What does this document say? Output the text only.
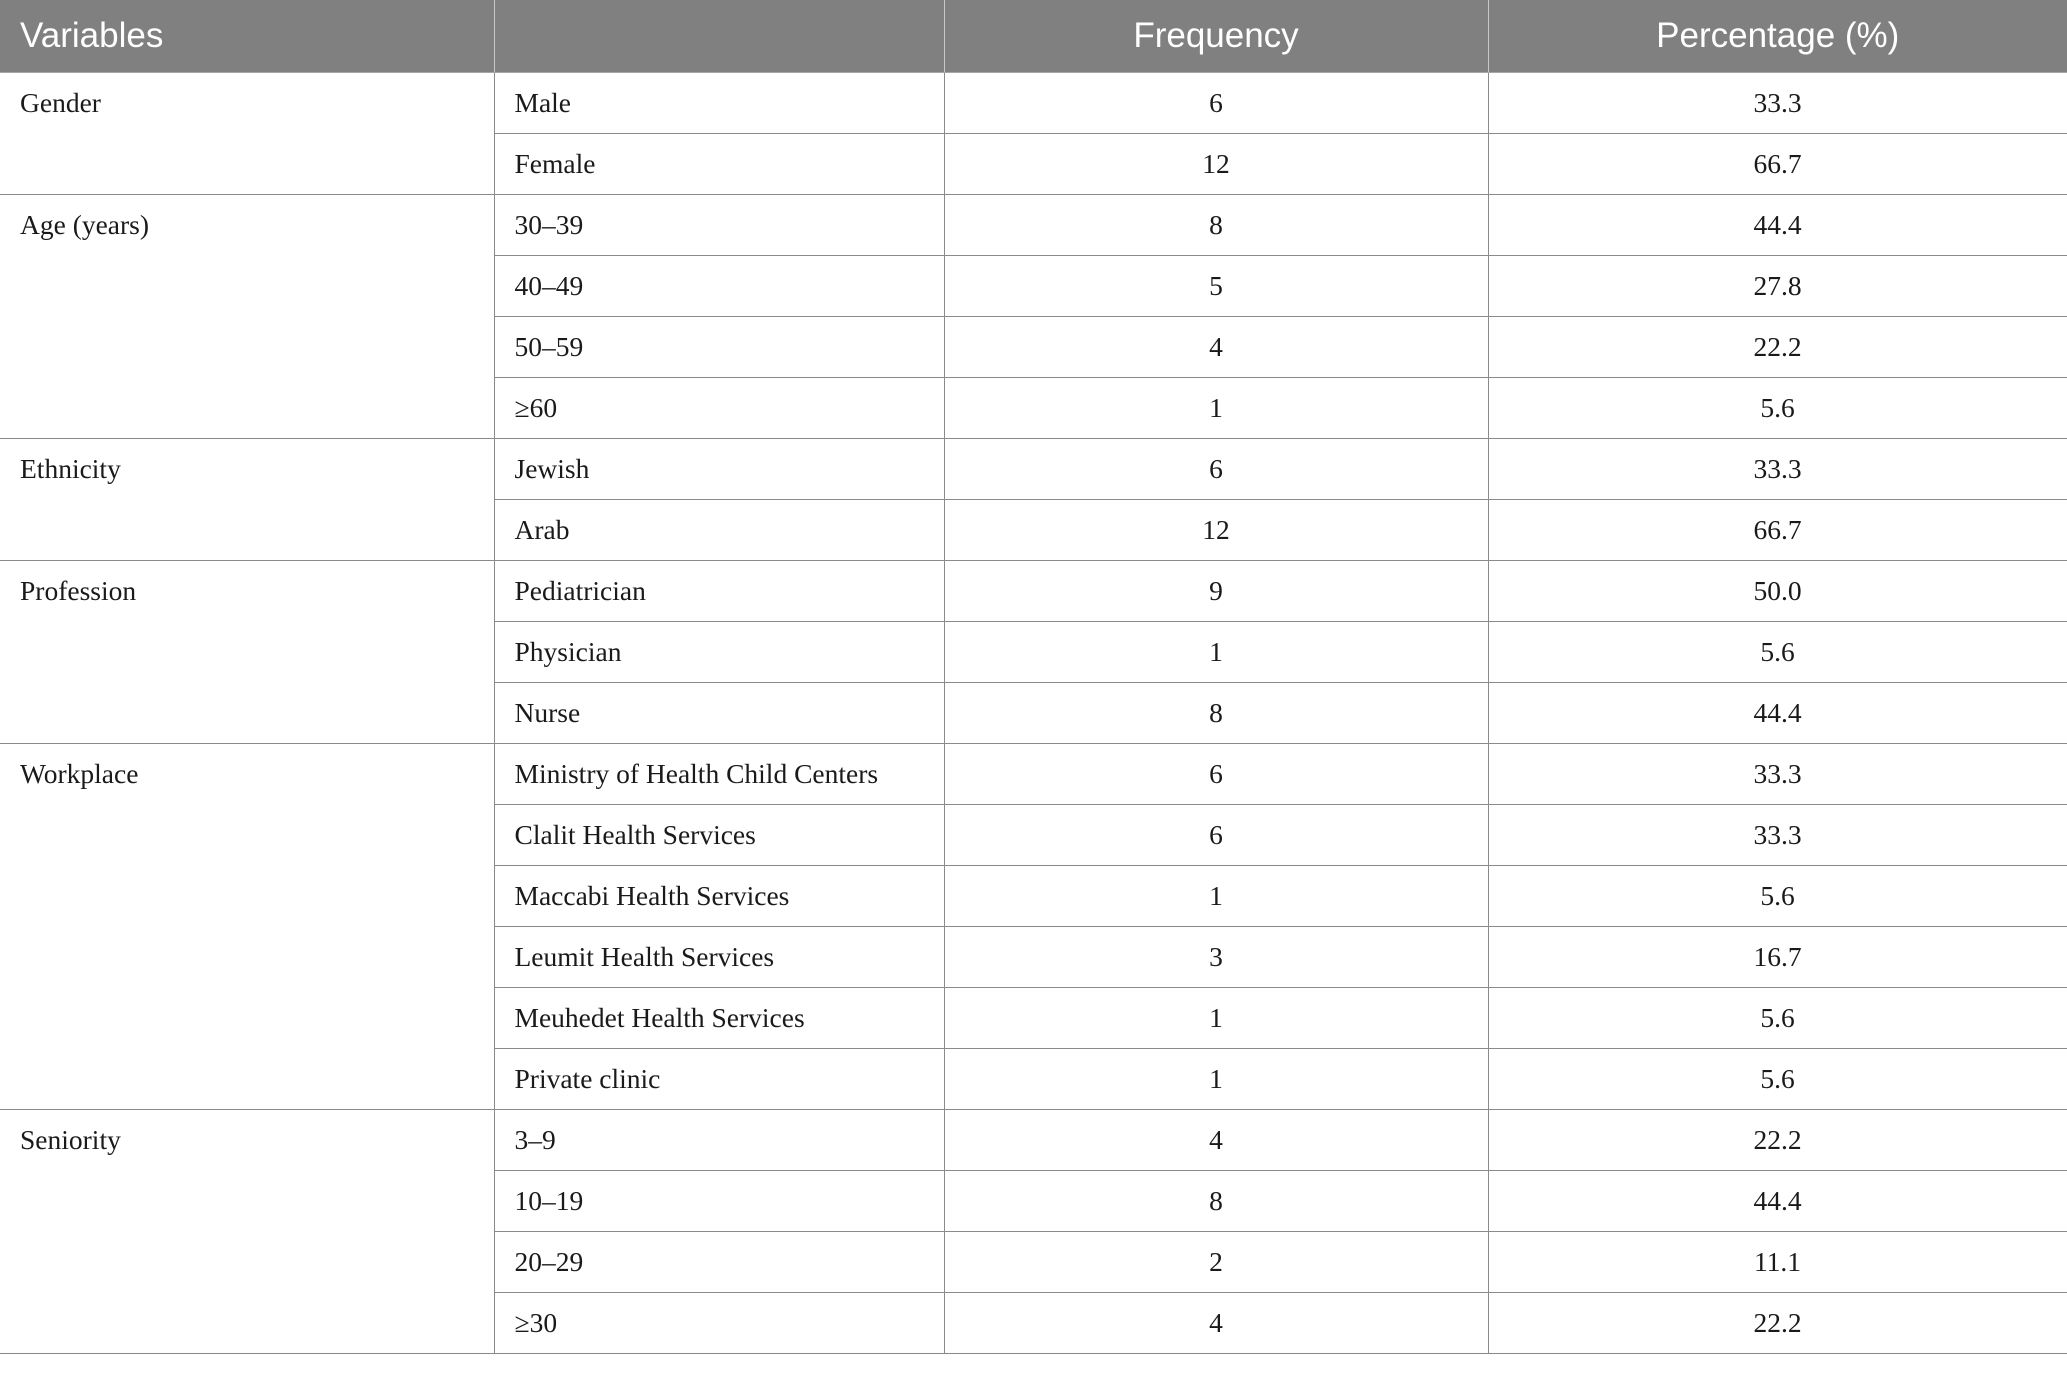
Variables		Frequency	Percentage (%)
Gender	Male	6	33.3
	Female	12	66.7
Age (years)	30–39	8	44.4
	40–49	5	27.8
	50–59	4	22.2
	≥60	1	5.6
Ethnicity	Jewish	6	33.3
	Arab	12	66.7
Profession	Pediatrician	9	50.0
	Physician	1	5.6
	Nurse	8	44.4
Workplace	Ministry of Health Child Centers	6	33.3
	Clalit Health Services	6	33.3
	Maccabi Health Services	1	5.6
	Leumit Health Services	3	16.7
	Meuhedet Health Services	1	5.6
	Private clinic	1	5.6
Seniority	3–9	4	22.2
	10–19	8	44.4
	20–29	2	11.1
	≥30	4	22.2
